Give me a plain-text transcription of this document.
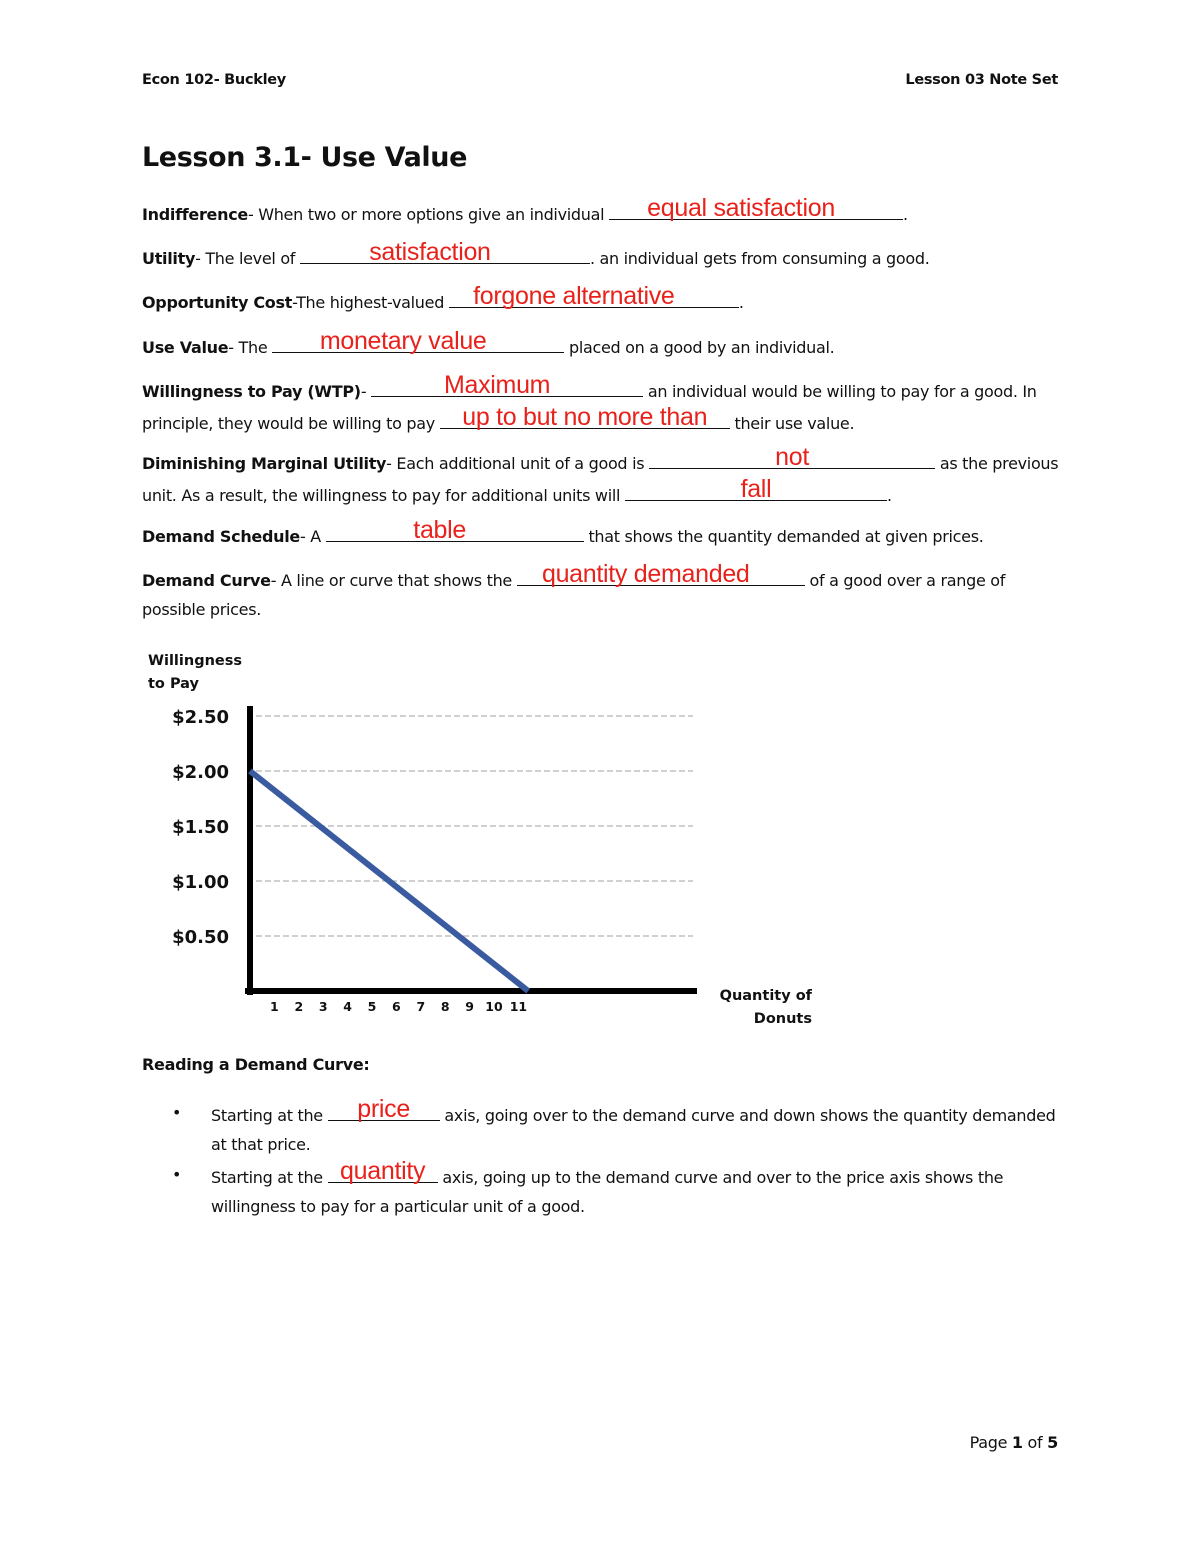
Econ 102- Buckley	Lesson 03 Note Set
Lesson 3.1- Use Value
Indifference- When two or more options give an individual	equal satisfaction	.
Utility- The level of	satisfaction	. an individual gets from consuming a good.
Opportunity Cost-The highest-valued forgone alternative	.
Use Value- The	monetary value	placed on a good by an individual.
Willingness to Pay (WTP)-	Maximum	an individual would be willing to pay for a good. In principle, they would be willing to pay up to but no more than	their use value.
Diminishing Marginal Utility- Each additional unit of a good is	not	as the previous unit. As a result, the willingness to pay for additional units will	fall	.
Demand Schedule- A	table	that shows the quantity demanded at given prices.
Demand Curve- A line or curve that shows the	quantity demanded	of a good over a range of possible prices.
Willingness
to Pay
$2.50
$2.00
$1.50
$1.00
$0.50
1 2 3 4 5 6 7 8 9 10 11
Quantity of
Donuts
Reading a Demand Curve:
• Starting at the	price	axis, going over to the demand curve and down shows the quantity demanded at that price.
• Starting at the quantity axis, going up to the demand curve and over to the price axis shows the willingness to pay for a particular unit of a good.
Page 1 of 5
